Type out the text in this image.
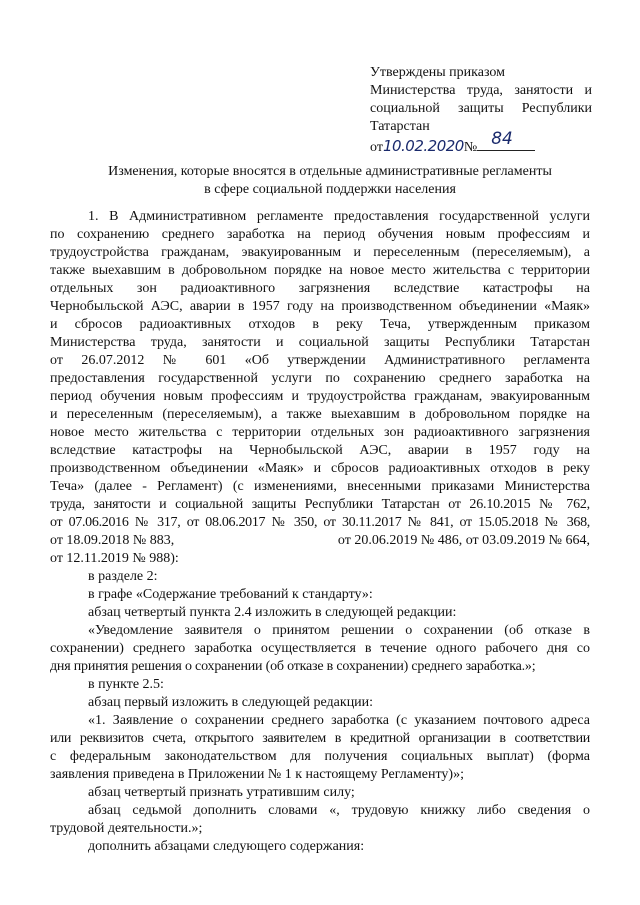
Утверждены приказом
Министерства труда, занятости и
социальной защиты Республики
Татарстан
от10.02.2020№ 84
Изменения, которые вносятся в отдельные административные регламенты
в сфере социальной поддержки населения
1. В Административном регламенте предоставления государственной услуги
по сохранению среднего заработка на период обучения новым профессиям и
трудоустройства гражданам, эвакуированным и переселенным (переселяемым), а
также выехавшим в добровольном порядке на новое место жительства с территории
отдельных зон радиоактивного загрязнения вследствие катастрофы на
Чернобыльской АЭС, аварии в 1957 году на производственном объединении «Маяк»
и сбросов радиоактивных отходов в реку Теча, утвержденным приказом
Министерства труда, занятости и социальной защиты Республики Татарстан
от 26.07.2012 № 601 «Об утверждении Административного регламента
предоставления государственной услуги по сохранению среднего заработка на
период обучения новым профессиям и трудоустройства гражданам, эвакуированным
и переселенным (переселяемым), а также выехавшим в добровольном порядке на
новое место жительства с территории отдельных зон радиоактивного загрязнения
вследствие катастрофы на Чернобыльской АЭС, аварии в 1957 году на
производственном объединении «Маяк» и сбросов радиоактивных отходов в реку
Теча» (далее - Регламент) (с изменениями, внесенными приказами Министерства
труда, занятости и социальной защиты Республики Татарстан от 26.10.2015 № 762,
от 07.06.2016 № 317, от 08.06.2017 № 350, от 30.11.2017 № 841, от 15.05.2018 № 368,
от 18.09.2018 № 883,	от 20.06.2019 № 486, от 03.09.2019 № 664,
от 12.11.2019 № 988):
в разделе 2:
в графе «Содержание требований к стандарту»:
абзац четвертый пункта 2.4 изложить в следующей редакции:
«Уведомление заявителя о принятом решении о сохранении (об отказе в
сохранении) среднего заработка осуществляется в течение одного рабочего дня со
дня принятия решения о сохранении (об отказе в сохранении) среднего заработка.»;
в пункте 2.5:
абзац первый изложить в следующей редакции:
«1. Заявление о сохранении среднего заработка (с указанием почтового адреса
или реквизитов счета, открытого заявителем в кредитной организации в соответствии
с федеральным законодательством для получения социальных выплат) (форма
заявления приведена в Приложении № 1 к настоящему Регламенту)»;
абзац четвертый признать утратившим силу;
абзац седьмой дополнить словами «, трудовую книжку либо сведения о
трудовой деятельности.»;
дополнить абзацами следующего содержания:
